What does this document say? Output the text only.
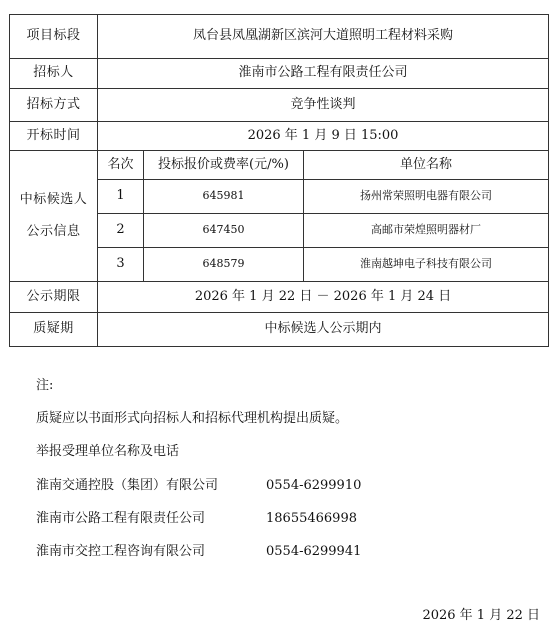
项目标段	凤台县凤凰湖新区滨河大道照明工程材料采购		
招标人	淮南市公路工程有限责任公司		
招标方式	竞争性谈判		
开标时间	2026 年 1 月 9 日 15:00		
中标候选人
公示信息	名次	投标报价或费率(元/%)	单位名称
	1	645981	扬州常荣照明电器有限公司
	2	647450	高邮市荣煌照明器材厂
	3	648579	淮南越坤电子科技有限公司
公示期限	2026 年 1 月 22 日 － 2026 年 1 月 24 日		
质疑期	中标候选人公示期内		
注:
质疑应以书面形式向招标人和招标代理机构提出质疑。
举报受理单位名称及电话
淮南交通控股（集团）有限公司	0554-6299910
淮南市公路工程有限责任公司	18655466998
淮南市交控工程咨询有限公司	0554-6299941
2026 年 1 月 22 日
